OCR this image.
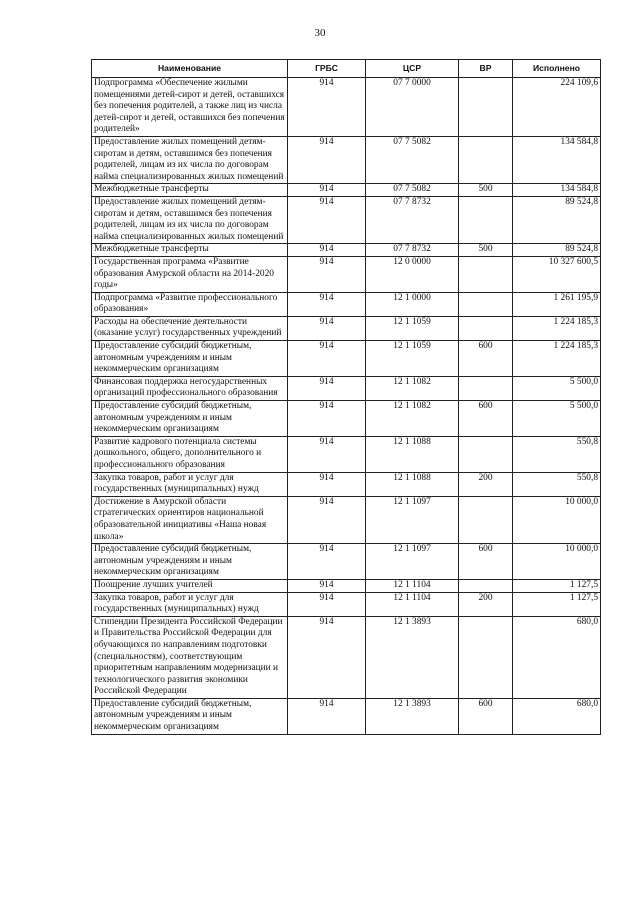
30
Наименование	ГРБС	ЦСР	ВР	Исполнено
Подпрограмма «Обеспечение жилыми помещениями детей-сирот и детей, оставшихся без попечения родителей, а также лиц из числа детей-сирот и детей, оставшихся без попечения родителей»	914	07 7 0000		224 109,6
Предоставление жилых помещений детям-сиротам и детям, оставшимся без попечения родителей, лицам из их числа по договорам найма специализированных жилых помещений	914	07 7 5082		134 584,8
Межбюджетные трансферты	914	07 7 5082	500	134 584,8
Предоставление жилых помещений детям-сиротам и детям, оставшимся без попечения родителей, лицам из их числа по договорам найма специализированных жилых помещений	914	07 7 8732		89 524,8
Межбюджетные трансферты	914	07 7 8732	500	89 524,8
Государственная программа «Развитие образования Амурской области на 2014-2020 годы»	914	12 0 0000		10 327 600,5
Подпрограмма «Развитие профессионального образования»	914	12 1 0000		1 261 195,9
Расходы на обеспечение деятельности (оказание услуг) государственных учреждений	914	12 1 1059		1 224 185,3
Предоставление субсидий бюджетным, автономным учреждениям и иным некоммерческим организациям	914	12 1 1059	600	1 224 185,3
Финансовая поддержка негосударственных организаций профессионального образования	914	12 1 1082		5 500,0
Предоставление субсидий бюджетным, автономным учреждениям и иным некоммерческим организациям	914	12 1 1082	600	5 500,0
Развитие кадрового потенциала системы дошкольного, общего, дополнительного и профессионального образования	914	12 1 1088		550,8
Закупка товаров, работ и услуг для государственных (муниципальных) нужд	914	12 1 1088	200	550,8
Достижение в Амурской области стратегических ориентиров национальной образовательной инициативы «Наша новая школа»	914	12 1 1097		10 000,0
Предоставление субсидий бюджетным, автономным учреждениям и иным некоммерческим организациям	914	12 1 1097	600	10 000,0
Поощрение лучших учителей	914	12 1 1104		1 127,5
Закупка товаров, работ и услуг для государственных (муниципальных) нужд	914	12 1 1104	200	1 127,5
Стипендии Президента Российской Федерации и Правительства Российской Федерации для обучающихся по направлениям подготовки (специальностям), соответствующим приоритетным направлениям модернизации и технологического развития экономики Российской Федерации	914	12 1 3893		680,0
Предоставление субсидий бюджетным, автономным учреждениям и иным некоммерческим организациям	914	12 1 3893	600	680,0
